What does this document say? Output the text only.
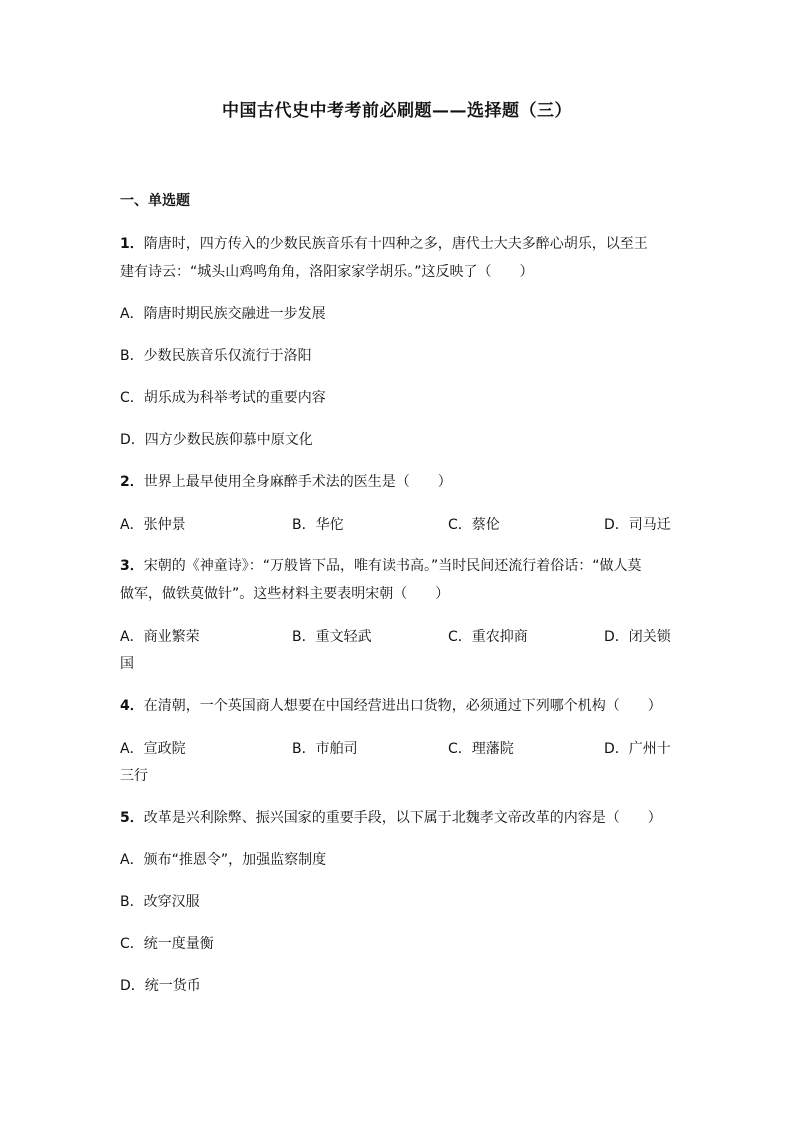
中国古代史中考考前必刷题——选择题（三）
一、单选题
1．隋唐时，四方传入的少数民族音乐有十四种之多，唐代士大夫多醉心胡乐，以至王
建有诗云：“城头山鸡鸣角角，洛阳家家学胡乐。”这反映了（　　）
A．隋唐时期民族交融进一步发展
B．少数民族音乐仅流行于洛阳
C．胡乐成为科举考试的重要内容
D．四方少数民族仰慕中原文化
2．世界上最早使用全身麻醉手术法的医生是（　　）
A．张仲景	B．华佗	C．蔡伦	D．司马迁
3．宋朝的《神童诗》：“万般皆下品，唯有读书高。”当时民间还流行着俗话：“做人莫
做军，做铁莫做针”。这些材料主要表明宋朝（　　）
A．商业繁荣	B．重文轻武	C．重农抑商	D．闭关锁
国
4．在清朝，一个英国商人想要在中国经营进出口货物，必须通过下列哪个机构（　　）
A．宣政院	B．市舶司	C．理藩院	D．广州十
三行
5．改革是兴利除弊、振兴国家的重要手段，以下属于北魏孝文帝改革的内容是（　　）
A．颁布“推恩令”，加强监察制度
B．改穿汉服
C．统一度量衡
D．统一货币
